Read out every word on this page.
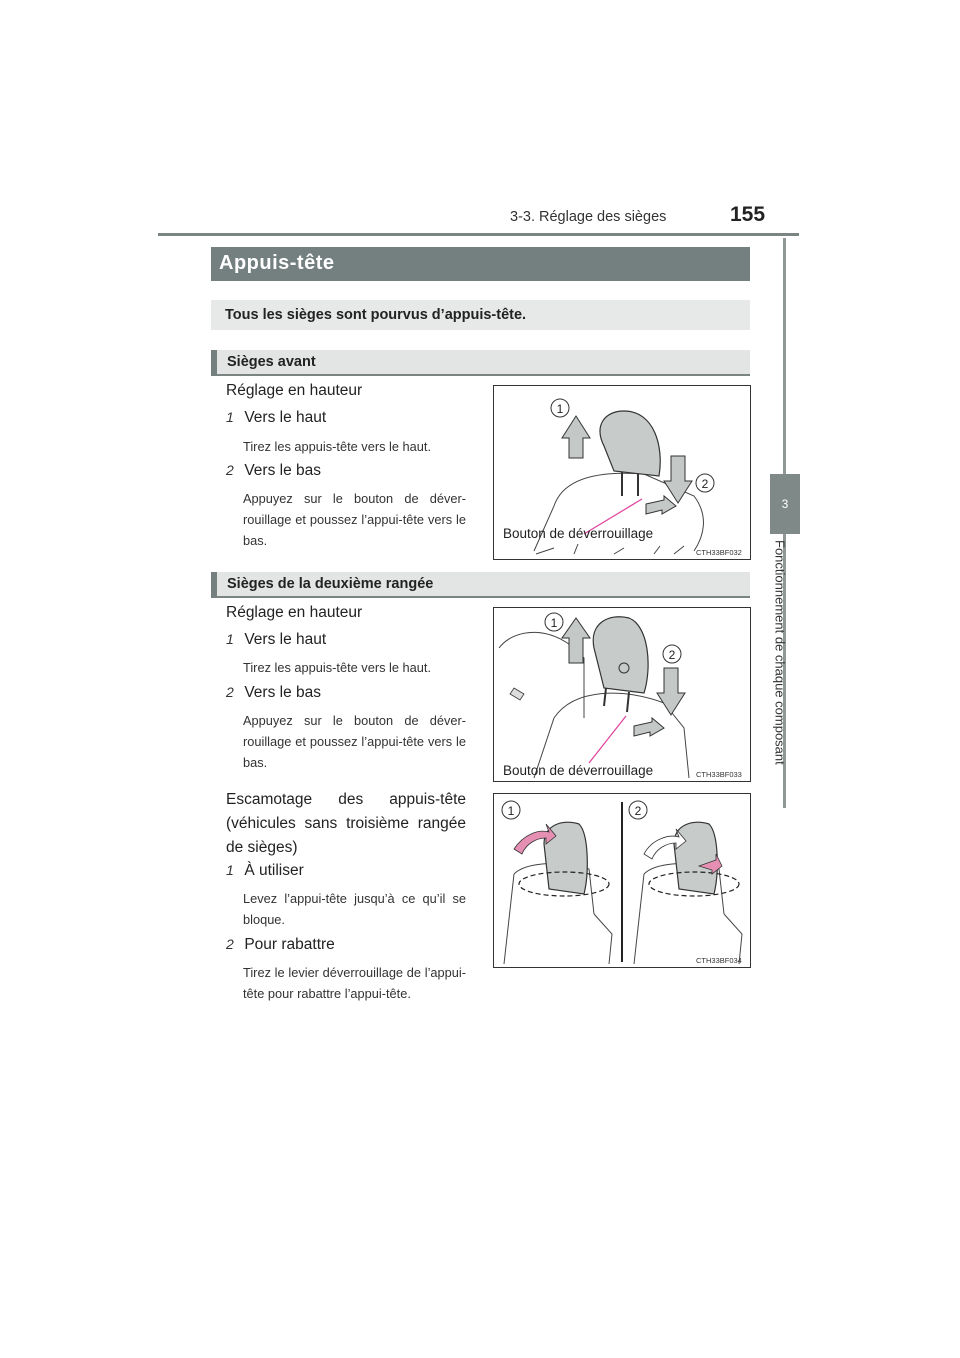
3-3. Réglage des sièges	155
3
Fonctionnement de chaque composant
Appuis-tête
Tous les sièges sont pourvus d’appuis-tête.
Sièges avant
Réglage en hauteur
1 Vers le haut
Tirez les appuis-tête vers le haut.
2 Vers le bas
Appuyez sur le bouton de déver-rouillage et poussez l’appui-tête vers le bas.
1
2
Bouton de déverrouillage
CTH33BF032
Sièges de la deuxième rangée
Réglage en hauteur
1 Vers le haut
Tirez les appuis-tête vers le haut.
2 Vers le bas
Appuyez sur le bouton de déver-rouillage et poussez l’appui-tête vers le bas.
1
2
Bouton de déverrouillage	CTH33BF033
Escamotage des appuis-tête (véhicules sans troisième rangée de sièges)
1 À utiliser
Levez l’appui-tête jusqu’à ce qu’il se bloque.
2 Pour rabattre
Tirez le levier déverrouillage de l’appui-tête pour rabattre l’appui-tête.
1	2
CTH33BF034
